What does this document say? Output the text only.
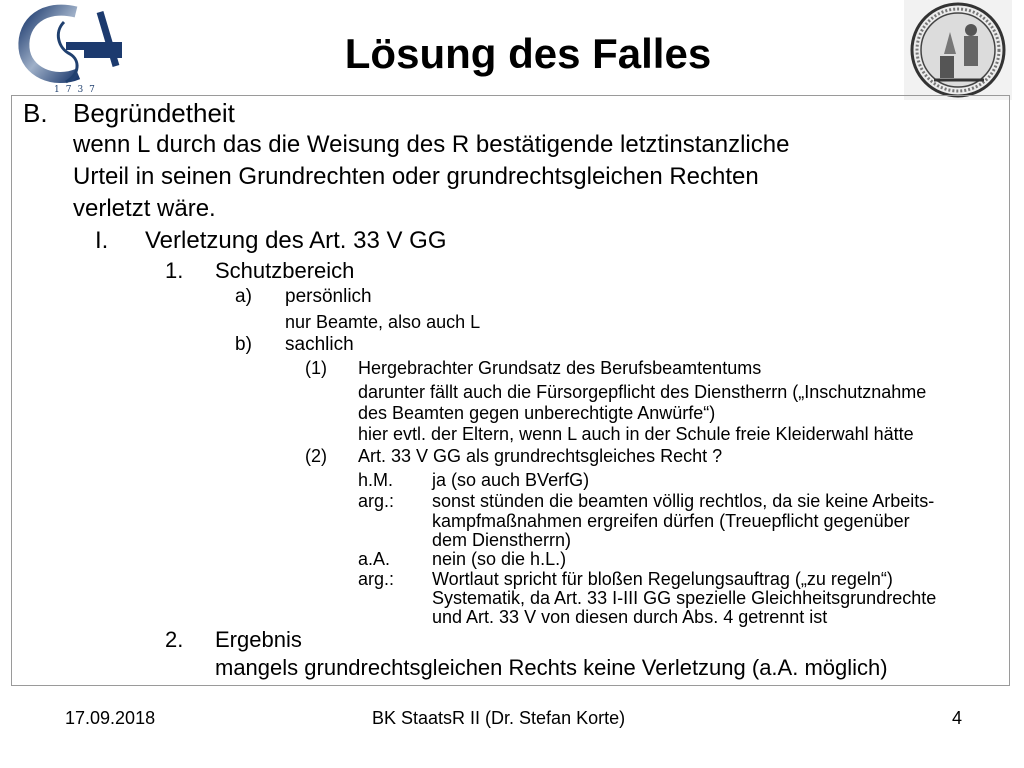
1737
Lösung des Falles
B. Begründetheit
wenn L durch das die Weisung des R bestätigende letztinstanzliche
Urteil in seinen Grundrechten oder grundrechtsgleichen Rechten
verletzt wäre.
I. Verletzung des Art. 33 V GG
1. Schutzbereich
a) persönlich
nur Beamte, also auch L
b) sachlich
(1) Hergebrachter Grundsatz des Berufsbeamtentums
darunter fällt auch die Fürsorgepflicht des Dienstherrn („Inschutznahme
des Beamten gegen unberechtigte Anwürfe“)
hier evtl. der Eltern, wenn L auch in der Schule freie Kleiderwahl hätte
(2) Art. 33 V GG als grundrechtsgleiches Recht ?
h.M. ja (so auch BVerfG)
arg.: sonst stünden die beamten völlig rechtlos, da sie keine Arbeits-
kampfmaßnahmen ergreifen dürfen (Treuepflicht gegenüber
dem Dienstherrn)
a.A. nein (so die h.L.)
arg.: Wortlaut spricht für bloßen Regelungsauftrag („zu regeln“)
Systematik, da Art. 33 I-III GG spezielle Gleichheitsgrundrechte
und Art. 33 V von diesen durch Abs. 4 getrennt ist
2. Ergebnis
mangels grundrechtsgleichen Rechts keine Verletzung (a.A. möglich)
17.09.2018	BK StaatsR II (Dr. Stefan Korte)	4
